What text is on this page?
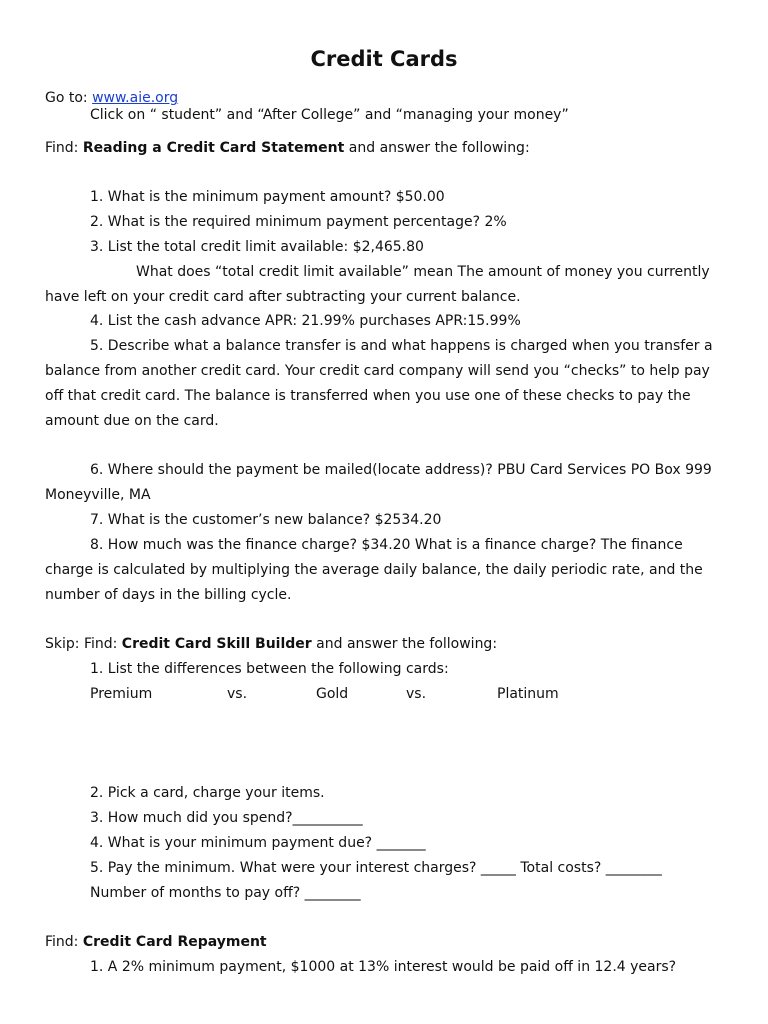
Credit Cards
Go to: www.aie.org
Click on “ student” and “After College” and “managing your money”
Find: Reading a Credit Card Statement and answer the following:
1. What is the minimum payment amount? $50.00
2. What is the required minimum payment percentage? 2%
3. List the total credit limit available: $2,465.80
What does “total credit limit available” mean The amount of money you currently
have left on your credit card after subtracting your current balance.
4. List the cash advance APR: 21.99% purchases APR:15.99%
5. Describe what a balance transfer is and what happens is charged when you transfer a
balance from another credit card. Your credit card company will send you “checks” to help pay
off that credit card. The balance is transferred when you use one of these checks to pay the
amount due on the card.
6. Where should the payment be mailed(locate address)? PBU Card Services PO Box 999
Moneyville, MA
7. What is the customer’s new balance? $2534.20
8. How much was the finance charge? $34.20 What is a finance charge? The finance
charge is calculated by multiplying the average daily balance, the daily periodic rate, and the
number of days in the billing cycle.
Skip: Find: Credit Card Skill Builder and answer the following:
1. List the differences between the following cards:
Premium	vs.	Gold	vs.	Platinum
2. Pick a card, charge your items.
3. How much did you spend?__________
4. What is your minimum payment due? _______
5. Pay the minimum. What were your interest charges? _____ Total costs? ________
Number of months to pay off? ________
Find: Credit Card Repayment
1. A 2% minimum payment, $1000 at 13% interest would be paid off in 12.4 years?
